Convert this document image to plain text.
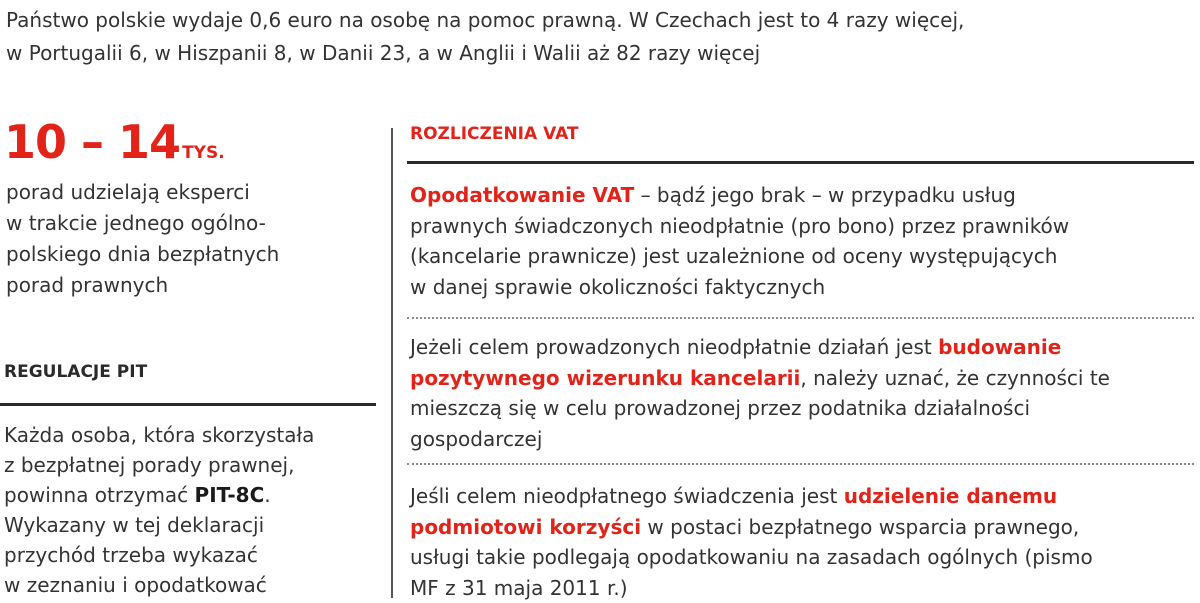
Państwo polskie wydaje 0,6 euro na osobę na pomoc prawną. W Czechach jest to 4 razy więcej,
w Portugalii 6, w Hiszpanii 8, w Danii 23, a w Anglii i Walii aż 82 razy więcej
10 – 14 TYS.
porad udzielają eksperci
w trakcie jednego ogólno-
polskiego dnia bezpłatnych
porad prawnych
REGULACJE PIT
Każda osoba, która skorzystała
z bezpłatnej porady prawnej,
powinna otrzymać PIT-8C.
Wykazany w tej deklaracji
przychód trzeba wykazać
w zeznaniu i opodatkować
ROZLICZENIA VAT
Opodatkowanie VAT – bądź jego brak – w przypadku usług
prawnych świadczonych nieodpłatnie (pro bono) przez prawników
(kancelarie prawnicze) jest uzależnione od oceny występujących
w danej sprawie okoliczności faktycznych
Jeżeli celem prowadzonych nieodpłatnie działań jest budowanie
pozytywnego wizerunku kancelarii, należy uznać, że czynności te
mieszczą się w celu prowadzonej przez podatnika działalności
gospodarczej
Jeśli celem nieodpłatnego świadczenia jest udzielenie danemu
podmiotowi korzyści w postaci bezpłatnego wsparcia prawnego,
usługi takie podlegają opodatkowaniu na zasadach ogólnych (pismo
MF z 31 maja 2011 r.)
